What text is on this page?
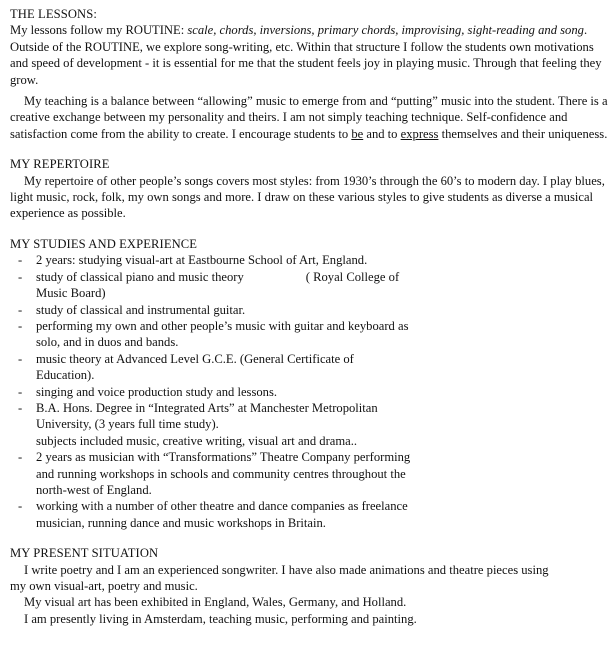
THE LESSONS:

My lessons follow my ROUTINE: scale, chords, inversions, primary chords, improvising, sight-reading and song. Outside of the ROUTINE, we explore song-writing, etc. Within that structure I follow the students own motivations and speed of development - it is essential for me that the student feels joy in playing music. Through that feeling they grow.

My teaching is a balance between “allowing” music to emerge from and “putting” music into the student. There is a creative exchange between my personality and theirs. I am not simply teaching technique. Self-confidence and satisfaction come from the ability to create. I encourage students to be and to express themselves and their uniqueness.

MY REPERTOIRE

My repertoire of other people’s songs covers most styles: from 1930’s through the 60’s to modern day. I play blues, light music, rock, folk, my own songs and more. I draw on these various styles to give students as diverse a musical experience as possible.

MY STUDIES AND EXPERIENCE

-	2 years: studying visual-art at Eastbourne School of Art, England.
-	study of classical piano and music theory	( Royal College of
Music Board)
-	study of classical and instrumental guitar.
-	performing my own and other people’s music with guitar and keyboard as
solo, and in duos and bands.
-	music theory at Advanced Level G.C.E. (General Certificate of
Education).
-	singing and voice production study and lessons.
-	B.A. Hons. Degree in “Integrated Arts” at Manchester Metropolitan
University, (3 years full time study).
subjects included music, creative writing, visual art and drama..
-	2 years as musician with “Transformations” Theatre Company performing
and running workshops in schools and community centres throughout the
north-west of England.
-	working with a number of other theatre and dance companies as freelance
musician, running dance and music workshops in Britain.

MY PRESENT SITUATION

I write poetry and I am an experienced songwriter. I have also made animations and theatre pieces using

my own visual-art, poetry and music.

My visual art has been exhibited in England, Wales, Germany, and Holland.

I am presently living in Amsterdam, teaching music, performing and painting.
